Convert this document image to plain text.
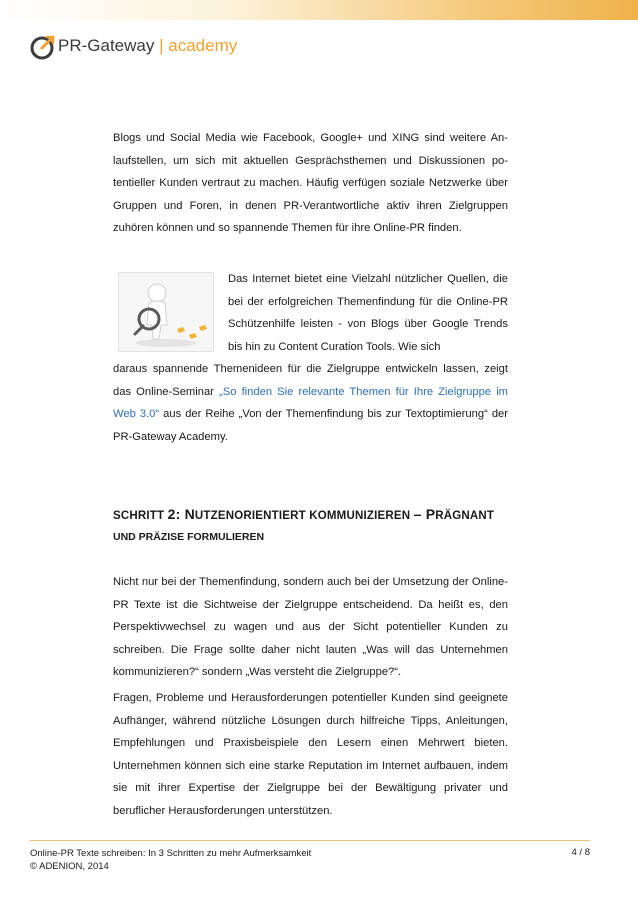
PR-Gateway | academy

Blogs und Social Media wie Facebook, Google+ und XING sind weitere Anlaufstellen, um sich mit aktuellen Gesprächsthemen und Diskussionen potentieller Kunden vertraut zu machen. Häufig verfügen soziale Netzwerke über Gruppen und Foren, in denen PR-Verantwortliche aktiv ihren Zielgruppen zuhören können und so spannende Themen für ihre Online-PR finden.

Das Internet bietet eine Vielzahl nützlicher Quellen, die bei der erfolgreichen Themenfindung für die Online-PR Schützenhilfe leisten - von Blogs über Google Trends bis hin zu Content Curation Tools. Wie sich

daraus spannende Themenideen für die Zielgruppe entwickeln lassen, zeigt das Online-Seminar „So finden Sie relevante Themen für Ihre Zielgruppe im Web 3.0“ aus der Reihe „Von der Themenfindung bis zur Textoptimierung“ der PR-Gateway Academy.

SCHRITT 2: NUTZENORIENTIERT KOMMUNIZIEREN – PRÄGNANT
UND PRÄZISE FORMULIEREN

Nicht nur bei der Themenfindung, sondern auch bei der Umsetzung der Online-PR Texte ist die Sichtweise der Zielgruppe entscheidend. Da heißt es, den Perspektivwechsel zu wagen und aus der Sicht potentieller Kunden zu schreiben. Die Frage sollte daher nicht lauten „Was will das Unternehmen kommunizieren?“ sondern „Was versteht die Zielgruppe?“.

Fragen, Probleme und Herausforderungen potentieller Kunden sind geeignete Aufhänger, während nützliche Lösungen durch hilfreiche Tipps, Anleitungen, Empfehlungen und Praxisbeispiele den Lesern einen Mehrwert bieten. Unternehmen können sich eine starke Reputation im Internet aufbauen, indem sie mit ihrer Expertise der Zielgruppe bei der Bewältigung privater und beruflicher Herausforderungen unterstützen.

Online-PR Texte schreiben: In 3 Schritten zu mehr Aufmerksamkeit
© ADENION, 2014
4 / 8
